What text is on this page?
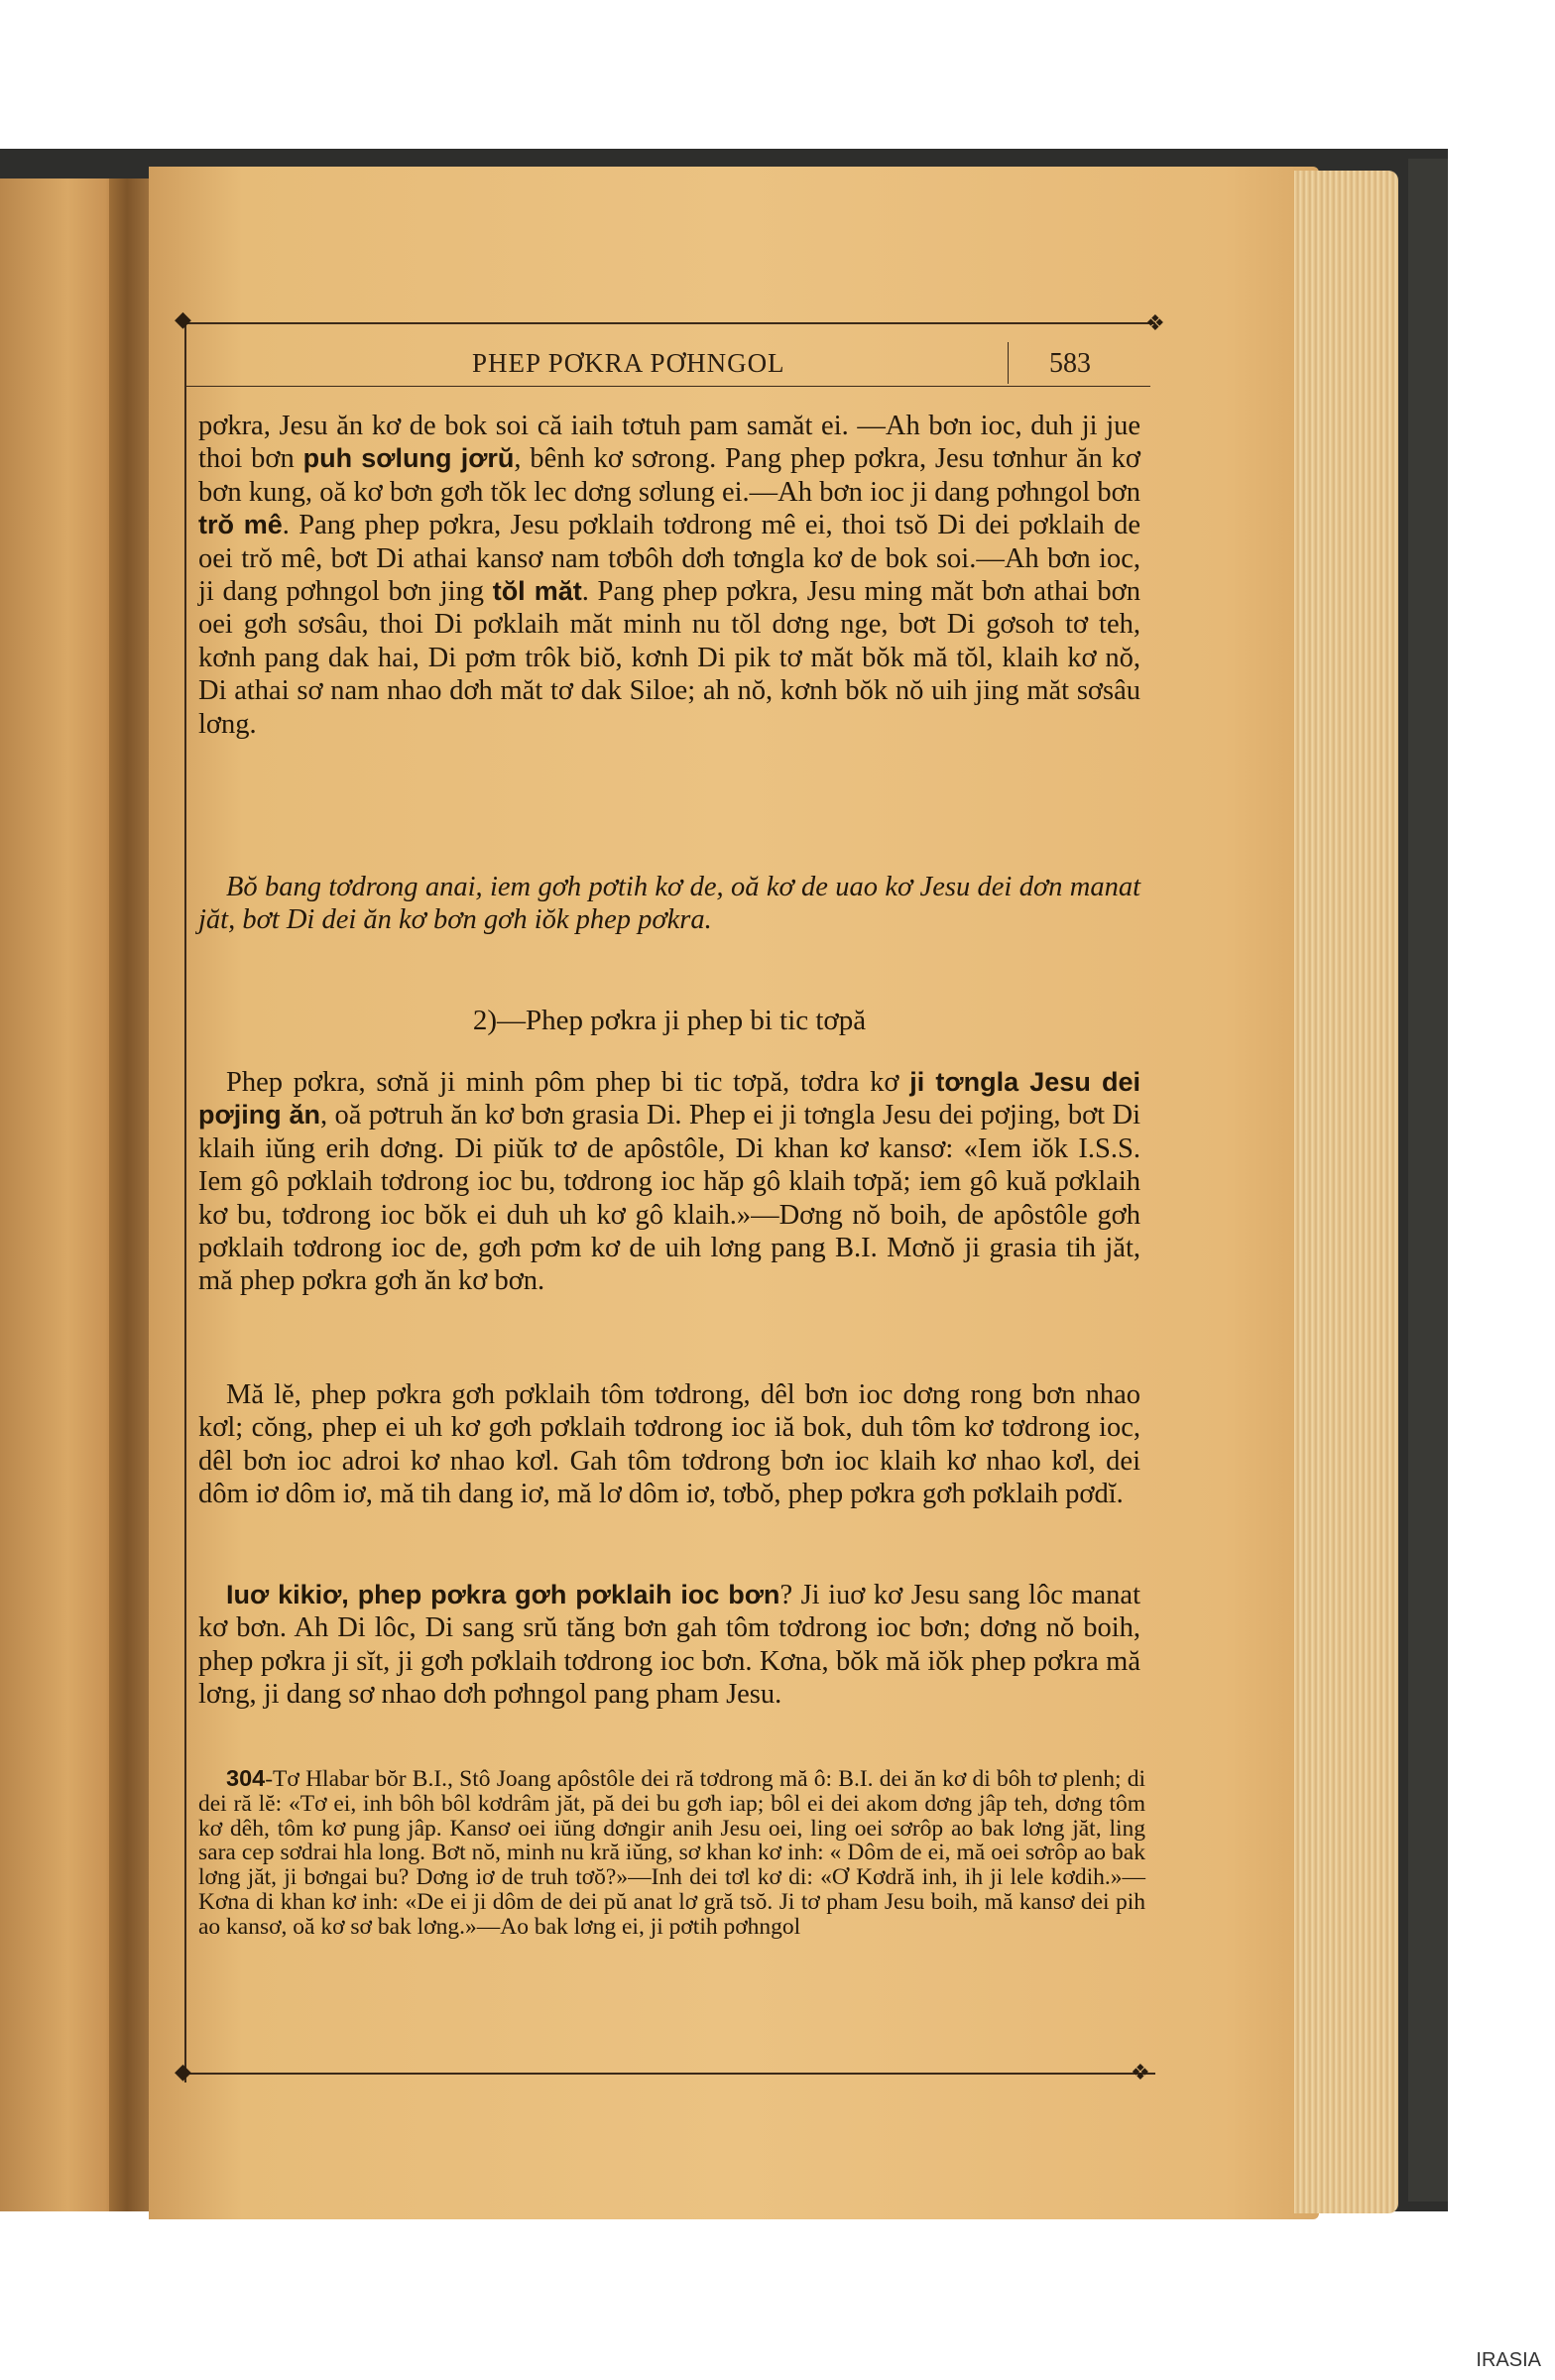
◆	❖
◆	❖
PHEP PƠKRA PƠHNGOL	583
pơkra, Jesu ăn kơ de bok soi că iaih tơtuh pam samăt ei. —Ah bơn ioc, duh ji jue thoi bơn puh sơlung jơrŭ, bênh kơ sơrong. Pang phep pơkra, Jesu tơnhur ăn kơ bơn kung, oă kơ bơn gơh tŏk lec dơng sơlung ei.—Ah bơn ioc ji dang pơhngol bơn trŏ mê. Pang phep pơkra, Jesu pơklaih tơdrong mê ei, thoi tsŏ Di dei pơklaih de oei trŏ mê, bơt Di athai kansơ nam tơbôh dơh tơngla kơ de bok soi.—Ah bơn ioc, ji dang pơhngol bơn jing tŏl măt. Pang phep pơkra, Jesu ming măt bơn athai bơn oei gơh sơsâu, thoi Di pơklaih măt minh nu tŏl dơng nge, bơt Di gơsoh tơ teh, kơnh pang dak hai, Di pơm trôk biŏ, kơnh Di pik tơ măt bŏk mă tŏl, klaih kơ nŏ, Di athai sơ nam nhao dơh măt tơ dak Siloe; ah nŏ, kơnh bŏk nŏ uih jing măt sơsâu lơng.
Bŏ bang tơdrong anai, iem gơh pơtih kơ de, oă kơ de uao kơ Jesu dei dơn manat jăt, bơt Di dei ăn kơ bơn gơh iŏk phep pơkra.
2)—Phep pơkra ji phep bi tic tơpă
Phep pơkra, sơnă ji minh pôm phep bi tic tơpă, tơdra kơ ji tơngla Jesu dei pơjing ăn, oă pơtruh ăn kơ bơn grasia Di. Phep ei ji tơngla Jesu dei pơjing, bơt Di klaih iŭng erih dơng. Di piŭk tơ de apôstôle, Di khan kơ kansơ: «Iem iŏk I.S.S. Iem gô pơklaih tơdrong ioc bu, tơdrong ioc hăp gô klaih tơpă; iem gô kuă pơklaih kơ bu, tơdrong ioc bŏk ei duh uh kơ gô klaih.»—Dơng nŏ boih, de apôstôle gơh pơklaih tơdrong ioc de, gơh pơm kơ de uih lơng pang B.I. Mơnŏ ji grasia tih jăt, mă phep pơkra gơh ăn kơ bơn.
Mă lĕ, phep pơkra gơh pơklaih tôm tơdrong, dêl bơn ioc dơng rong bơn nhao kơl; cŏng, phep ei uh kơ gơh pơklaih tơdrong ioc iă bok, duh tôm kơ tơdrong ioc, dêl bơn ioc adroi kơ nhao kơl. Gah tôm tơdrong bơn ioc klaih kơ nhao kơl, dei dôm iơ dôm iơ, mă tih dang iơ, mă lơ dôm iơ, tơbŏ, phep pơkra gơh pơklaih pơdĭ.
Iuơ kikiơ, phep pơkra gơh pơklaih ioc bơn? Ji iuơ kơ Jesu sang lôc manat kơ bơn. Ah Di lôc, Di sang srŭ tăng bơn gah tôm tơdrong ioc bơn; dơng nŏ boih, phep pơkra ji sĭt, ji gơh pơklaih tơdrong ioc bơn. Kơna, bŏk mă iŏk phep pơkra mă lơng, ji dang sơ nhao dơh pơhngol pang pham Jesu.
304-Tơ Hlabar bŏr B.I., Stô Joang apôstôle dei ră tơdrong mă ô: B.I. dei ăn kơ di bôh tơ plenh; di dei ră lĕ: «Tơ ei, inh bôh bôl kơdrâm jăt, pă dei bu gơh iap; bôl ei dei akom dơng jâp teh, dơng tôm kơ dêh, tôm kơ pung jâp. Kansơ oei iŭng dơngir anih Jesu oei, ling oei sơrôp ao bak lơng jăt, ling sara cep sơdrai hla long. Bơt nŏ, minh nu kră iŭng, sơ khan kơ inh: « Dôm de ei, mă oei sơrôp ao bak lơng jăt, ji bơngai bu? Dơng iơ de truh tơŏ?»—Inh dei tơl kơ di: «Ơ Kơdră inh, ih ji lele kơdih.»—Kơna di khan kơ inh: «De ei ji dôm de dei pŭ anat lơ gră tsŏ. Ji tơ pham Jesu boih, mă kansơ dei pih ao kansơ, oă kơ sơ bak lơng.»—Ao bak lơng ei, ji pơtih pơhngol
IRASIA
